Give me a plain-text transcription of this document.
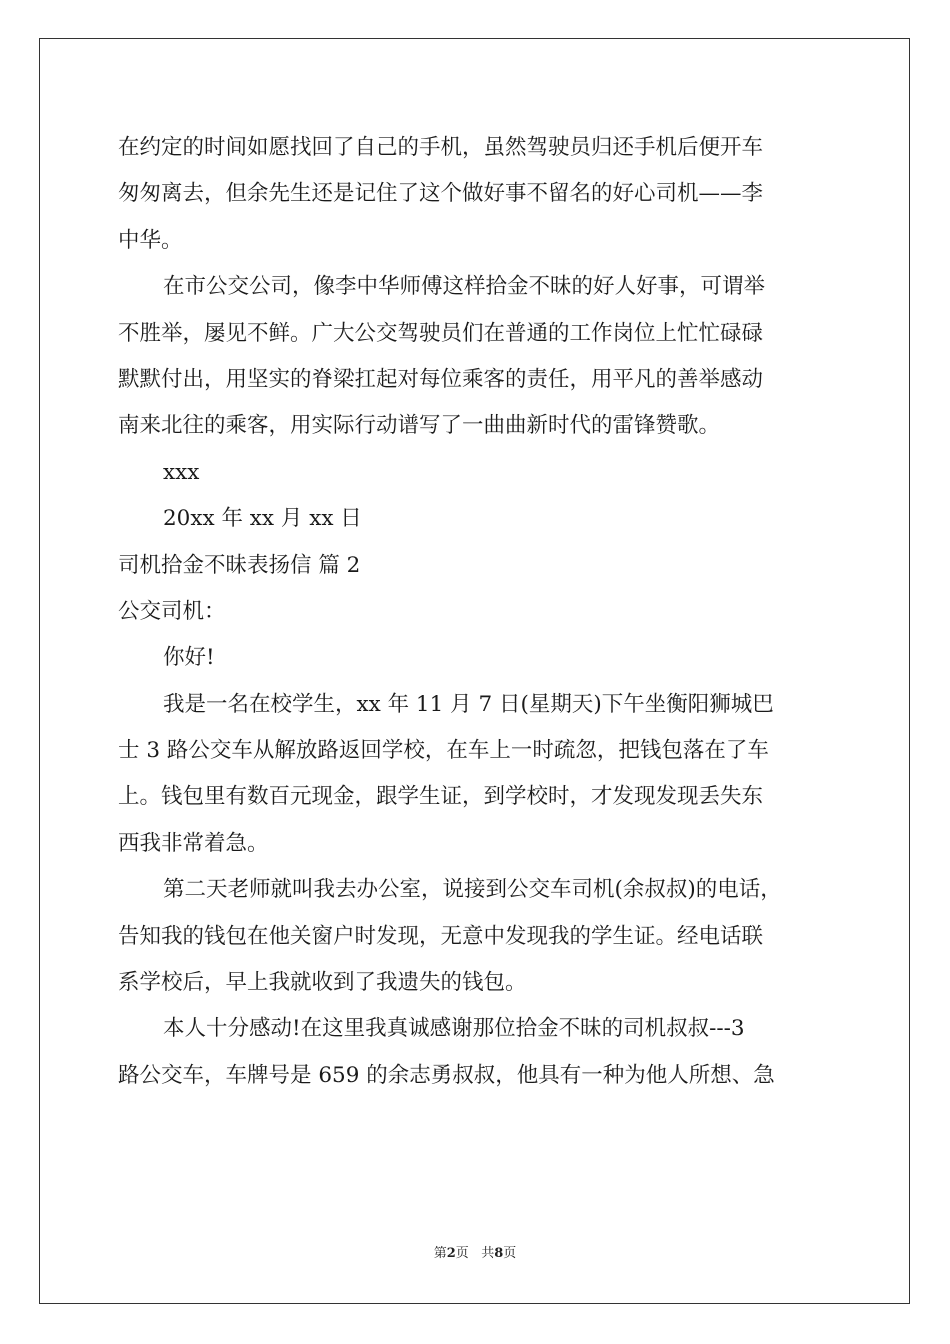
在约定的时间如愿找回了自己的手机，虽然驾驶员归还手机后便开车
匆匆离去，但余先生还是记住了这个做好事不留名的好心司机——李
中华。
在市公交公司，像李中华师傅这样拾金不昧的好人好事，可谓举
不胜举，屡见不鲜。广大公交驾驶员们在普通的工作岗位上忙忙碌碌
默默付出，用坚实的脊梁扛起对每位乘客的责任，用平凡的善举感动
南来北往的乘客，用实际行动谱写了一曲曲新时代的雷锋赞歌。
xxx
20xx 年 xx 月 xx 日
司机拾金不昧表扬信 篇 2
公交司机：
你好!
我是一名在校学生，xx 年 11 月 7 日(星期天)下午坐衡阳狮城巴
士 3 路公交车从解放路返回学校，在车上一时疏忽，把钱包落在了车
上。钱包里有数百元现金，跟学生证，到学校时，才发现发现丢失东
西我非常着急。
第二天老师就叫我去办公室，说接到公交车司机(余叔叔)的电话，
告知我的钱包在他关窗户时发现，无意中发现我的学生证。经电话联
系学校后，早上我就收到了我遗失的钱包。
本人十分感动!在这里我真诚感谢那位拾金不昧的司机叔叔---3
路公交车，车牌号是 659 的余志勇叔叔，他具有一种为他人所想、急
第2页   共8页
